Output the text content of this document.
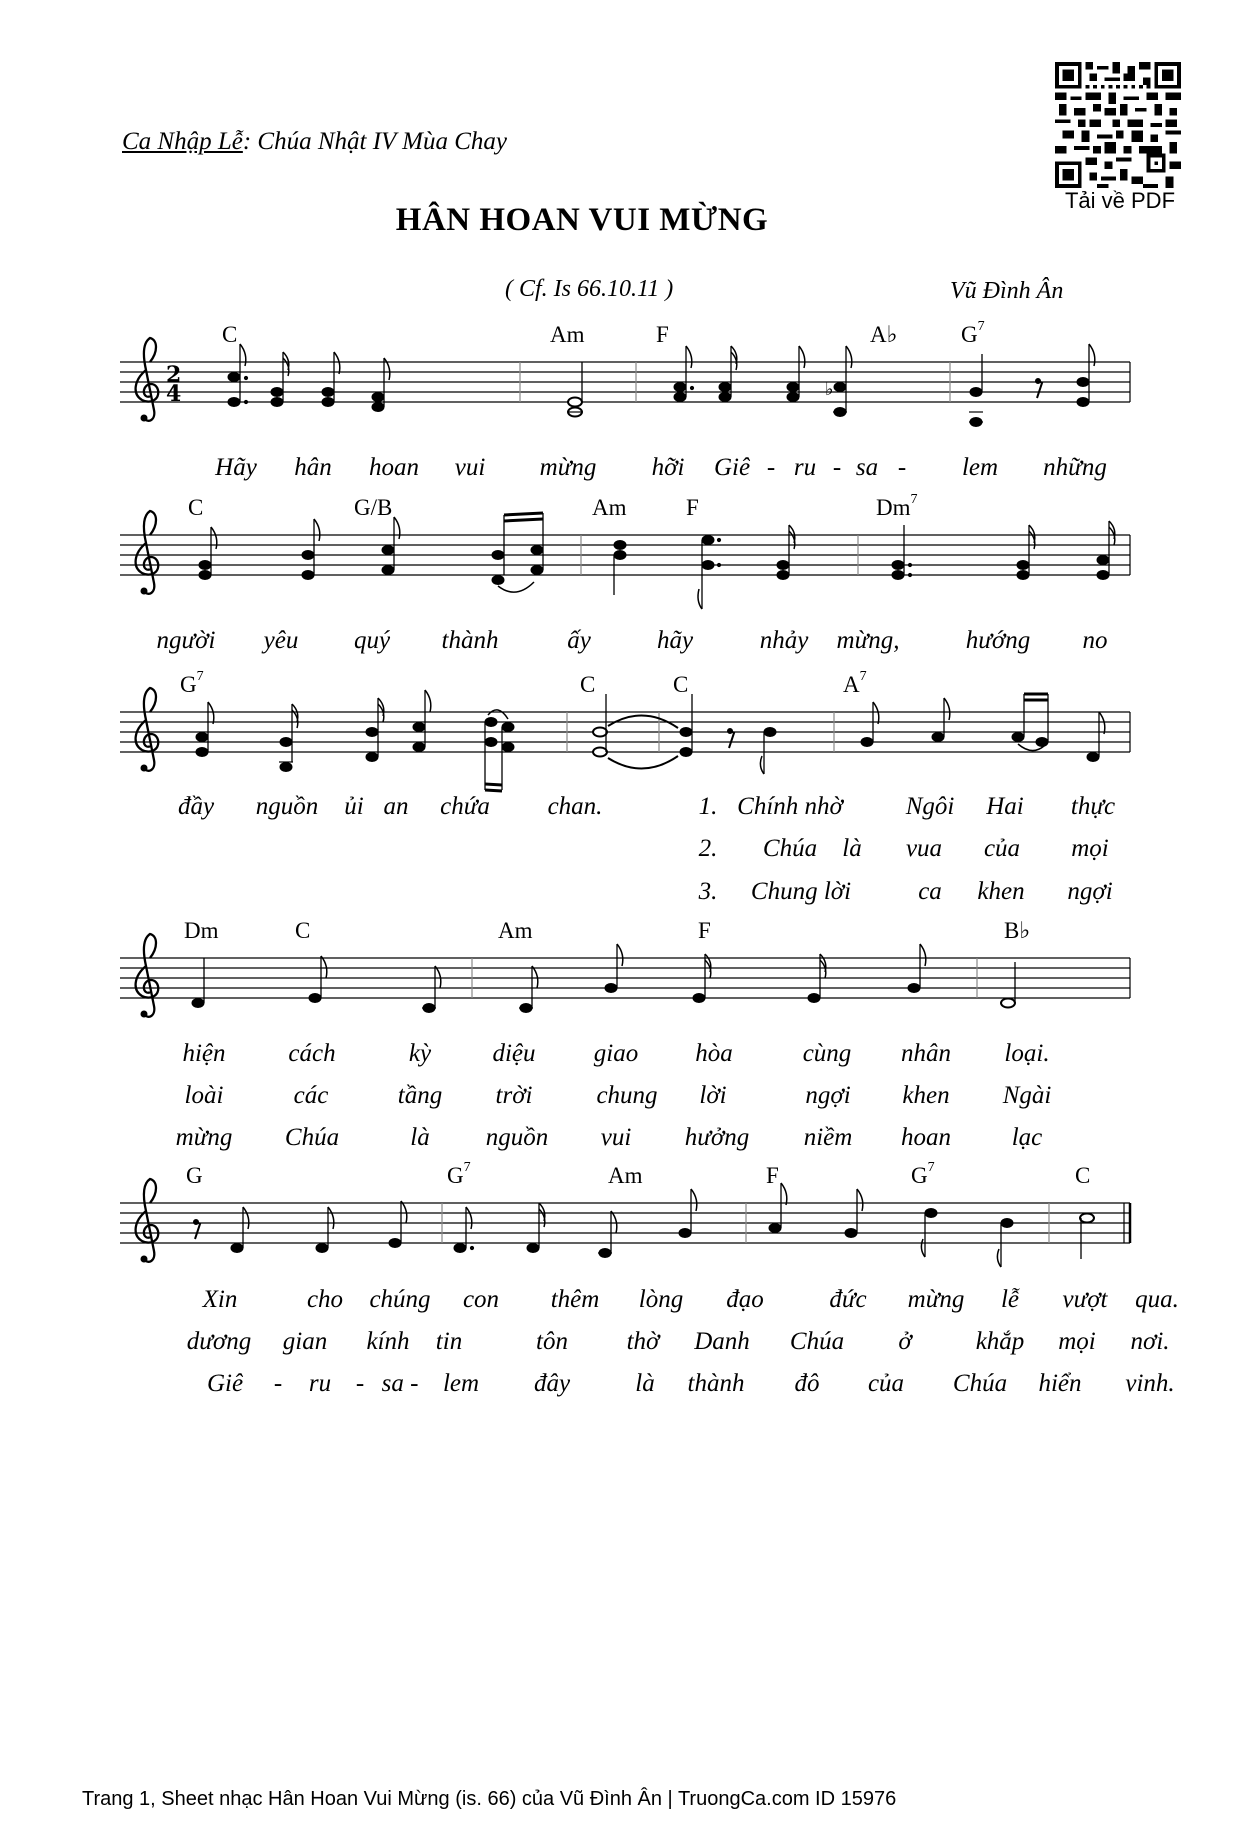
Ca Nhập Lễ: Chúa Nhật IV Mùa Chay
HÂN HOAN VUI MỪNG
( Cf. Is 66.10.11 )	Vũ Đình Ân
Tải về PDF
2
4	♭
C	Am	F	A♭	$G^7$
C	G/B	Am	F	Dm$^7$
$G^7$	C	C	$A^7$
Dm	C	Am	F	B♭
G	$G^7$	Am	F	$G^7$	C
Hãy hân hoan vui mừng hỡi Giê - ru - sa - lem những
người yêu quý thành	ấy	hãy	nhảy mừng,	hướng no
đầy nguồn ủi an chứa chan.	1. Chính nhờ	Ngôi Hai thực
2. Chúa là vua của mọi
3. Chung lời	ca khen ngợi
hiện	cách	kỳ diệu giao hòa	cùng nhân loại.
loài	các	tầng trời	chung lời	ngợi khen Ngài
mừng Chúa	là nguồn vui hưởng niềm hoan lạc
Xin	cho chúng con thêm lòng đạo	đức mừng lễ vượt qua.
dương gian kính tin	tôn thờ Danh Chúa ở	khắp mọi nơi.
Giê - ru - sa - lem đây	là thành đô của Chúa hiển vinh.
Trang 1, Sheet nhạc Hân Hoan Vui Mừng (is. 66) của Vũ Đình Ân | TruongCa.com ID 15976
